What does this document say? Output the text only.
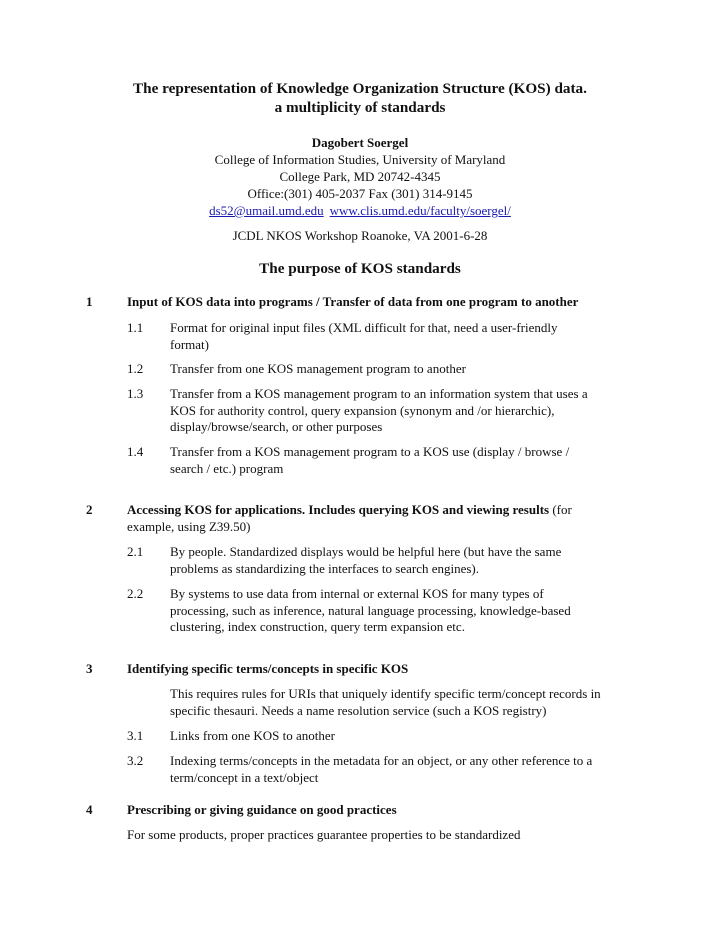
The representation of Knowledge Organization Structure (KOS) data.
a multiplicity of standards
Dagobert Soergel
College of Information Studies, University of Maryland
College Park, MD 20742-4345
Office:(301) 405-2037 Fax (301) 314-9145
ds52@umail.umd.edu www.clis.umd.edu/faculty/soergel/
JCDL NKOS Workshop Roanoke, VA 2001-6-28
The purpose of KOS standards
1	Input of KOS data into programs / Transfer of data from one program to another
1.1 Format for original input files (XML difficult for that, need a user-friendly
format)
1.2 Transfer from one KOS management program to another
1.3 Transfer from a KOS management program to an information system that uses a
KOS for authority control, query expansion (synonym and /or hierarchic),
display/browse/search, or other purposes
1.4 Transfer from a KOS management program to a KOS use (display / browse /
search / etc.) program
2	Accessing KOS for applications. Includes querying KOS and viewing results (for
example, using Z39.50)
2.1 By people. Standardized displays would be helpful here (but have the same
problems as standardizing the interfaces to search engines).
2.2 By systems to use data from internal or external KOS for many types of
processing, such as inference, natural language processing, knowledge-based
clustering, index construction, query term expansion etc.
3	Identifying specific terms/concepts in specific KOS
This requires rules for URIs that uniquely identify specific term/concept records in
specific thesauri. Needs a name resolution service (such a KOS registry)
3.1 Links from one KOS to another
3.2 Indexing terms/concepts in the metadata for an object, or any other reference to a
term/concept in a text/object
4	Prescribing or giving guidance on good practices
For some products, proper practices guarantee properties to be standardized
